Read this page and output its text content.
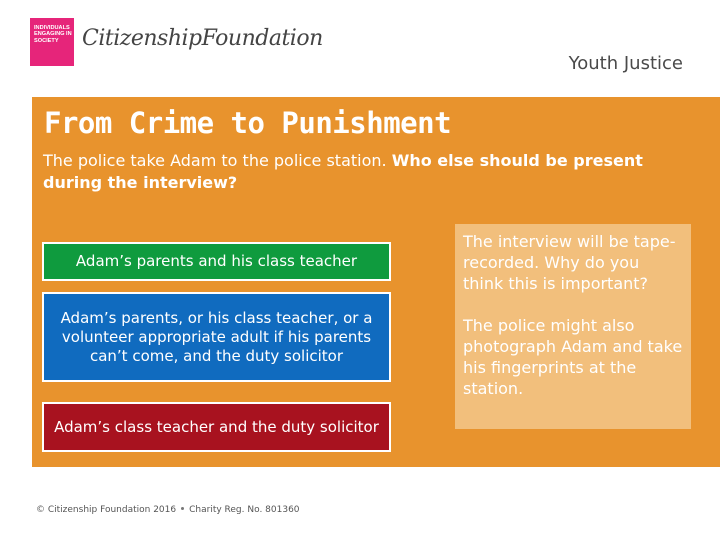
INDIVIDUALS
ENGAGING IN
SOCIETY	CitizenshipFoundation
Youth Justice
From Crime to Punishment
The police take Adam to the police station. Who else should be present during the interview?
Adam’s parents and his class teacher
Adam’s parents, or his class teacher, or a volunteer appropriate adult if his parents can’t come, and the duty solicitor
Adam’s class teacher and the duty solicitor

The interview will be tape-recorded. Why do you think this is important?

The police might also photograph Adam and take his fingerprints at the station.

© Citizenship Foundation 2016 Charity Reg. No. 801360
